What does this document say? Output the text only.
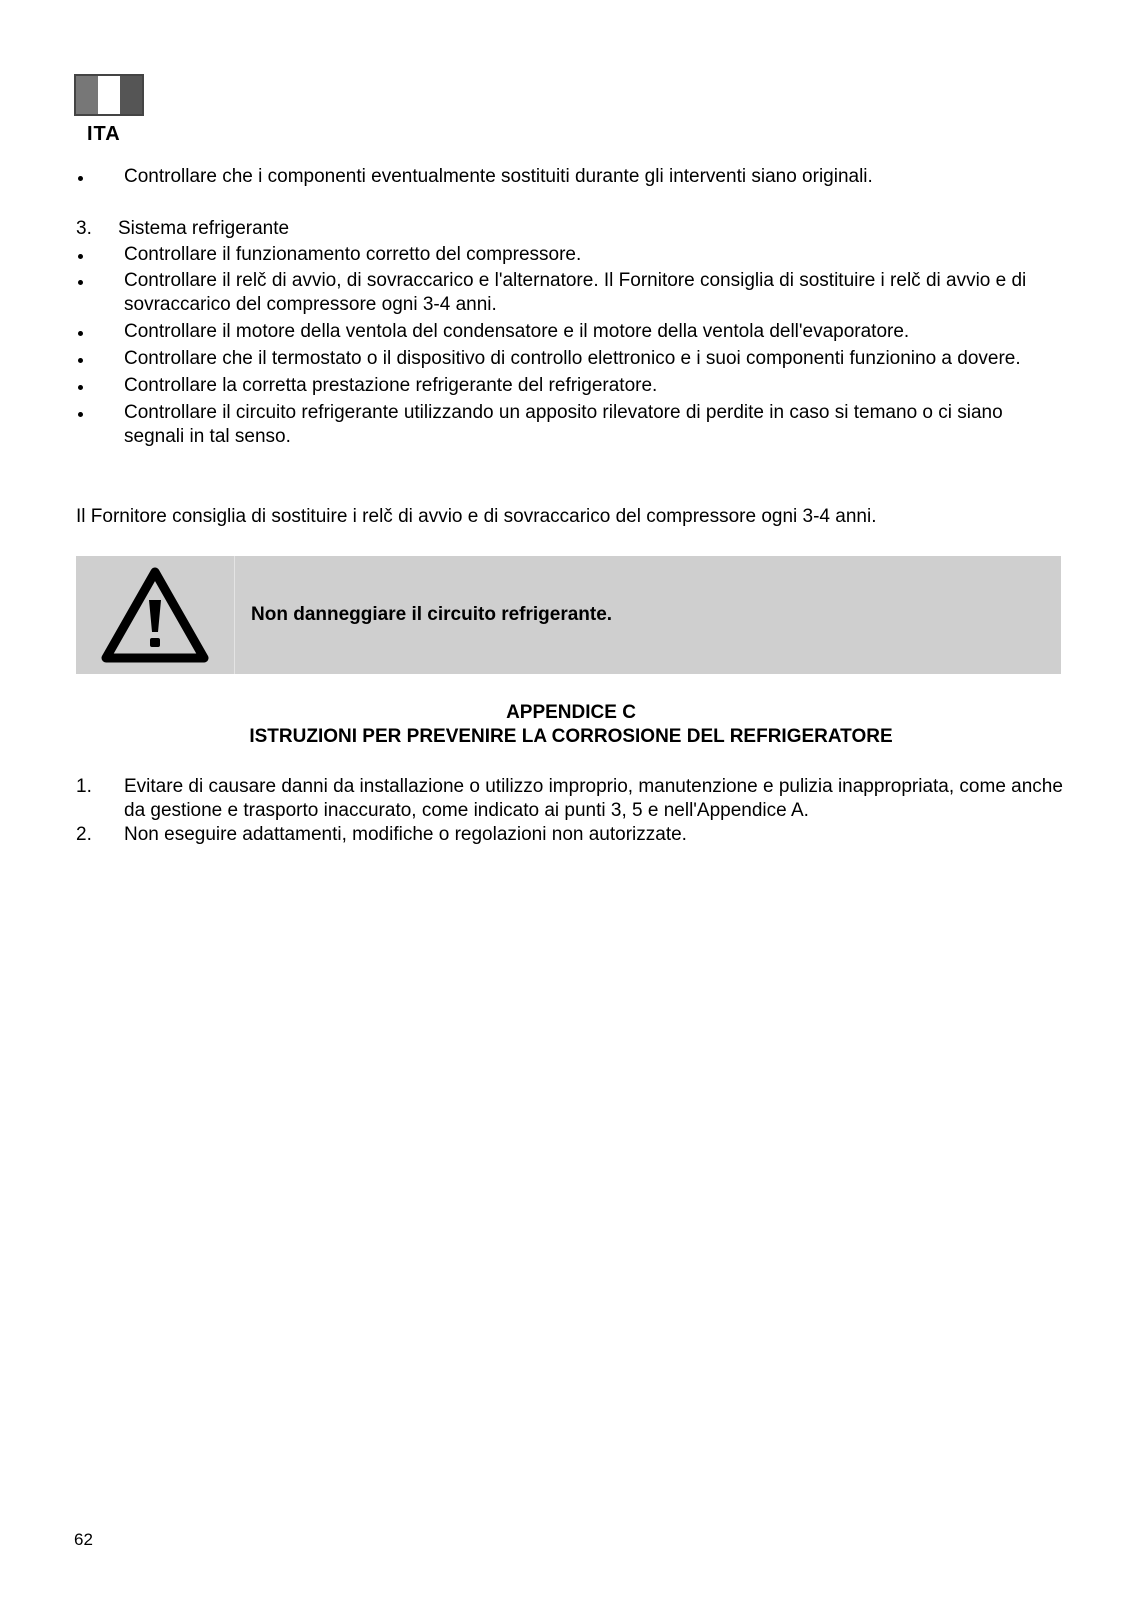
ITA
Controllare che i componenti eventualmente sostituiti durante gli interventi siano originali.
3. Sistema refrigerante
Controllare il funzionamento corretto del compressore.
Controllare il relč di avvio, di sovraccarico e l'alternatore. Il Fornitore consiglia di sostituire i relč di avvio e di sovraccarico del compressore ogni 3-4 anni.
Controllare il motore della ventola del condensatore e il motore della ventola dell'evaporatore.
Controllare che il termostato o il dispositivo di controllo elettronico e i suoi componenti funzionino a dovere.
Controllare la corretta prestazione refrigerante del refrigeratore.
Controllare il circuito refrigerante utilizzando un apposito rilevatore di perdite in caso si temano o ci siano segnali in tal senso.
Il Fornitore consiglia di sostituire i relč di avvio e di sovraccarico del compressore ogni 3-4 anni.
Non danneggiare il circuito refrigerante.
APPENDICE C
ISTRUZIONI PER PREVENIRE LA CORROSIONE DEL REFRIGERATORE
1.	Evitare di causare danni da installazione o utilizzo improprio, manutenzione e pulizia inappropriata, come anche da gestione e trasporto inaccurato, come indicato ai punti 3, 5 e nell'Appendice A.
2.	Non eseguire adattamenti, modifiche o regolazioni non autorizzate.
62
